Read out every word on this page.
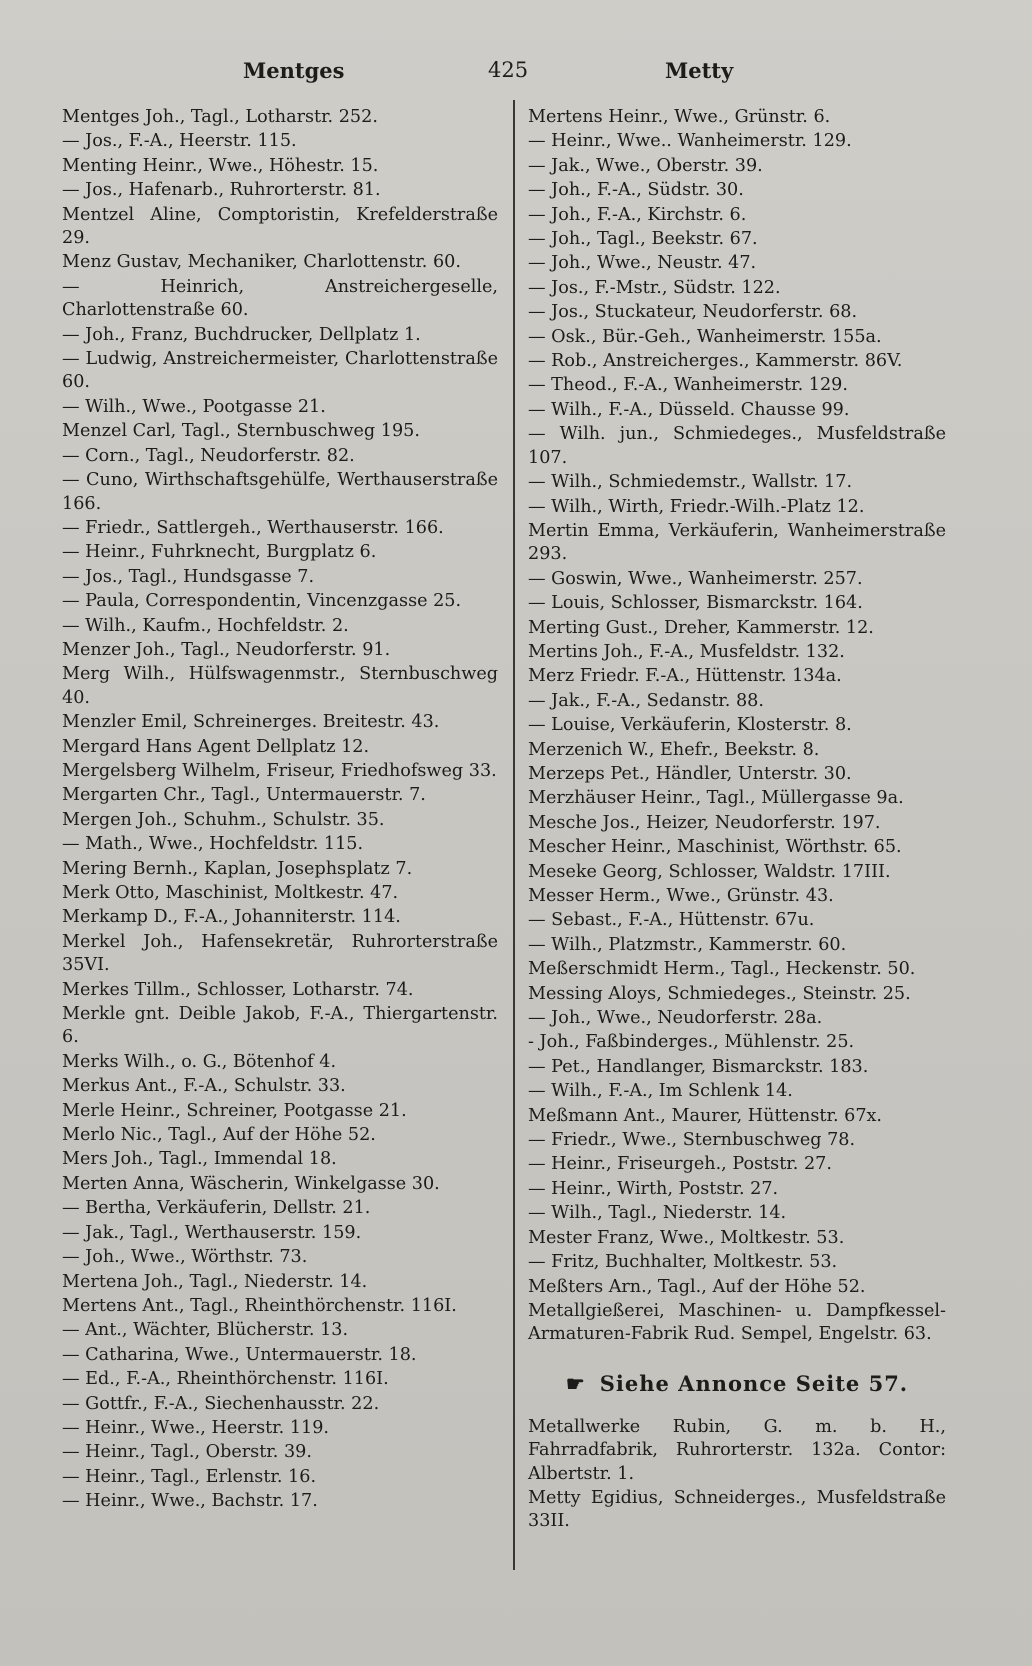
Mentges	425	Metty
Mentges Joh., Tagl., Lotharstr. 252.
— Jos., F.-A., Heerstr. 115.
Menting Heinr., Wwe., Höhestr. 15.
— Jos., Hafenarb., Ruhrorterstr. 81.
Mentzel Aline, Comptoristin, Krefelderstraße 29.
Menz Gustav, Mechaniker, Charlottenstr. 60.
— Heinrich, Anstreichergeselle, Charlottenstraße 60.
— Joh., Franz, Buchdrucker, Dellplatz 1.
— Ludwig, Anstreichermeister, Charlottenstraße 60.
— Wilh., Wwe., Pootgasse 21.
Menzel Carl, Tagl., Sternbuschweg 195.
— Corn., Tagl., Neudorferstr. 82.
— Cuno, Wirthschaftsgehülfe, Werthauserstraße 166.
— Friedr., Sattlergeh., Werthauserstr. 166.
— Heinr., Fuhrknecht, Burgplatz 6.
— Jos., Tagl., Hundsgasse 7.
— Paula, Correspondentin, Vincenzgasse 25.
— Wilh., Kaufm., Hochfeldstr. 2.
Menzer Joh., Tagl., Neudorferstr. 91.
Merg Wilh., Hülfswagenmstr., Sternbuschweg 40.
Menzler Emil, Schreinerges. Breitestr. 43.
Mergard Hans Agent Dellplatz 12.
Mergelsberg Wilhelm, Friseur, Friedhofsweg 33.
Mergarten Chr., Tagl., Untermauerstr. 7.
Mergen Joh., Schuhm., Schulstr. 35.
— Math., Wwe., Hochfeldstr. 115.
Mering Bernh., Kaplan, Josephsplatz 7.
Merk Otto, Maschinist, Moltkestr. 47.
Merkamp D., F.-A., Johanniterstr. 114.
Merkel Joh., Hafensekretär, Ruhrorterstraße 35VI.
Merkes Tillm., Schlosser, Lotharstr. 74.
Merkle gnt. Deible Jakob, F.-A., Thiergartenstr. 6.
Merks Wilh., o. G., Bötenhof 4.
Merkus Ant., F.-A., Schulstr. 33.
Merle Heinr., Schreiner, Pootgasse 21.
Merlo Nic., Tagl., Auf der Höhe 52.
Mers Joh., Tagl., Immendal 18.
Merten Anna, Wäscherin, Winkelgasse 30.
— Bertha, Verkäuferin, Dellstr. 21.
— Jak., Tagl., Werthauserstr. 159.
— Joh., Wwe., Wörthstr. 73.
Mertena Joh., Tagl., Niederstr. 14.
Mertens Ant., Tagl., Rheinthörchenstr. 116I.
— Ant., Wächter, Blücherstr. 13.
— Catharina, Wwe., Untermauerstr. 18.
— Ed., F.-A., Rheinthörchenstr. 116I.
— Gottfr., F.-A., Siechenhausstr. 22.
— Heinr., Wwe., Heerstr. 119.
— Heinr., Tagl., Oberstr. 39.
— Heinr., Tagl., Erlenstr. 16.
— Heinr., Wwe., Bachstr. 17.
Mertens Heinr., Wwe., Grünstr. 6.
— Heinr., Wwe.. Wanheimerstr. 129.
— Jak., Wwe., Oberstr. 39.
— Joh., F.-A., Südstr. 30.
— Joh., F.-A., Kirchstr. 6.
— Joh., Tagl., Beekstr. 67.
— Joh., Wwe., Neustr. 47.
— Jos., F.-Mstr., Südstr. 122.
— Jos., Stuckateur, Neudorferstr. 68.
— Osk., Bür.-Geh., Wanheimerstr. 155a.
— Rob., Anstreicherges., Kammerstr. 86V.
— Theod., F.-A., Wanheimerstr. 129.
— Wilh., F.-A., Düsseld. Chausse 99.
— Wilh. jun., Schmiedeges., Musfeldstraße 107.
— Wilh., Schmiedemstr., Wallstr. 17.
— Wilh., Wirth, Friedr.-Wilh.-Platz 12.
Mertin Emma, Verkäuferin, Wanheimerstraße 293.
— Goswin, Wwe., Wanheimerstr. 257.
— Louis, Schlosser, Bismarckstr. 164.
Merting Gust., Dreher, Kammerstr. 12.
Mertins Joh., F.-A., Musfeldstr. 132.
Merz Friedr. F.-A., Hüttenstr. 134a.
— Jak., F.-A., Sedanstr. 88.
— Louise, Verkäuferin, Klosterstr. 8.
Merzenich W., Ehefr., Beekstr. 8.
Merzeps Pet., Händler, Unterstr. 30.
Merzhäuser Heinr., Tagl., Müllergasse 9a.
Mesche Jos., Heizer, Neudorferstr. 197.
Mescher Heinr., Maschinist, Wörthstr. 65.
Meseke Georg, Schlosser, Waldstr. 17III.
Messer Herm., Wwe., Grünstr. 43.
— Sebast., F.-A., Hüttenstr. 67u.
— Wilh., Platzmstr., Kammerstr. 60.
Meßerschmidt Herm., Tagl., Heckenstr. 50.
Messing Aloys, Schmiedeges., Steinstr. 25.
— Joh., Wwe., Neudorferstr. 28a.
- Joh., Faßbinderges., Mühlenstr. 25.
— Pet., Handlanger, Bismarckstr. 183.
— Wilh., F.-A., Im Schlenk 14.
Meßmann Ant., Maurer, Hüttenstr. 67x.
— Friedr., Wwe., Sternbuschweg 78.
— Heinr., Friseurgeh., Poststr. 27.
— Heinr., Wirth, Poststr. 27.
— Wilh., Tagl., Niederstr. 14.
Mester Franz, Wwe., Moltkestr. 53.
— Fritz, Buchhalter, Moltkestr. 53.
Meßters Arn., Tagl., Auf der Höhe 52.
Metallgießerei, Maschinen- u. Dampfkessel-Armaturen-Fabrik Rud. Sempel, Engelstr. 63.
☛ Siehe Annonce Seite 57.
Metallwerke Rubin, G. m. b. H., Fahrradfabrik, Ruhrorterstr. 132a. Contor: Albertstr. 1.
Metty Egidius, Schneiderges., Musfeldstraße 33II.
